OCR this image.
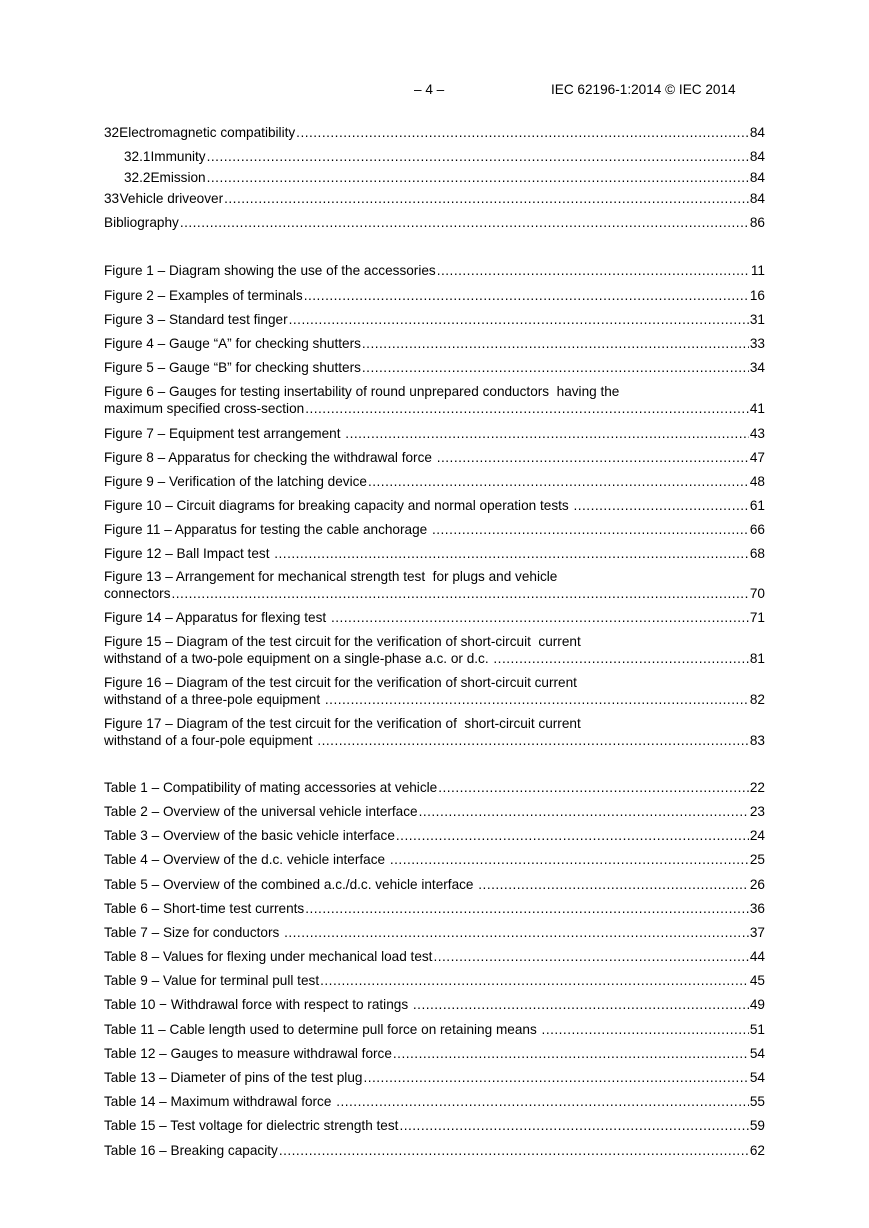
– 4 –	IEC 62196-1:2014 © IEC 2014
32 Electromagnetic compatibility .....	84
32.1 Immunity .....	84
32.2 Emission .....	84
33 Vehicle driveover .....	84
Bibliography .....	86
Figure 1 – Diagram showing the use of the accessories .....	11
Figure 2 – Examples of terminals .....	16
Figure 3 – Standard test finger .....	31
Figure 4 – Gauge “A” for checking shutters .....	33
Figure 5 – Gauge “B” for checking shutters .....	34
Figure 6 – Gauges for testing insertability of round unprepared conductors  having the
maximum specified cross-section .....	41
Figure 7 – Equipment test arrangement .....	43
Figure 8 – Apparatus for checking the withdrawal force .....	47
Figure 9 – Verification of the latching device .....	48
Figure 10 – Circuit diagrams for breaking capacity and normal operation tests .....	61
Figure 11 – Apparatus for testing the cable anchorage .....	66
Figure 12 – Ball Impact test .....	68
Figure 13 – Arrangement for mechanical strength test  for plugs and vehicle
connectors .....	70
Figure 14 – Apparatus for flexing test .....	71
Figure 15 – Diagram of the test circuit for the verification of short-circuit  current
withstand of a two-pole equipment on a single-phase a.c. or d.c. .....	81
Figure 16 – Diagram of the test circuit for the verification of short-circuit current
withstand of a three-pole equipment .....	82
Figure 17 – Diagram of the test circuit for the verification of  short-circuit current
withstand of a four-pole equipment .....	83
Table 1 – Compatibility of mating accessories at vehicle .....	22
Table 2 – Overview of the universal vehicle interface .....	23
Table 3 – Overview of the basic vehicle interface .....	24
Table 4 – Overview of the d.c. vehicle interface .....	25
Table 5 – Overview of the combined a.c./d.c. vehicle interface .....	26
Table 6 – Short-time test currents .....	36
Table 7 – Size for conductors .....	37
Table 8 – Values for flexing under mechanical load test .....	44
Table 9 – Value for terminal pull test .....	45
Table 10 − Withdrawal force with respect to ratings .....	49
Table 11 – Cable length used to determine pull force on retaining means .....	51
Table 12 – Gauges to measure withdrawal force .....	54
Table 13 – Diameter of pins of the test plug .....	54
Table 14 – Maximum withdrawal force .....	55
Table 15 – Test voltage for dielectric strength test .....	59
Table 16 – Breaking capacity .....	62
